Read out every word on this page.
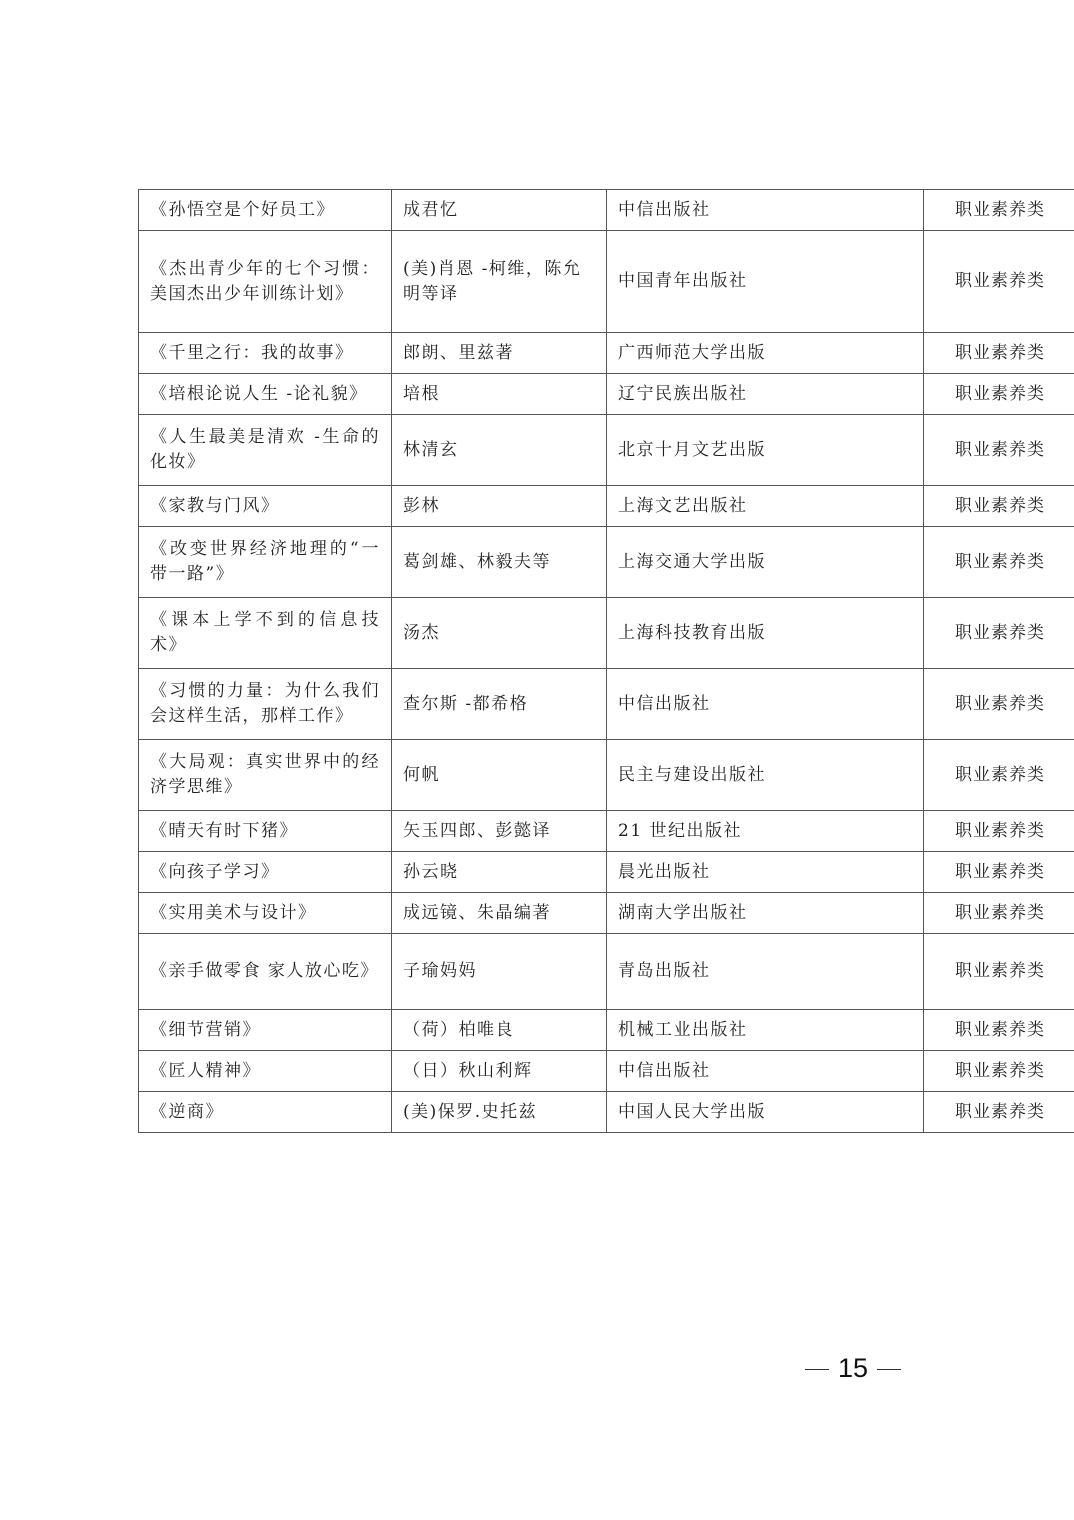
《孙悟空是个好员工》	成君忆	中信出版社	职业素养类
《杰出青少年的七个习惯：美国杰出少年训练计划》	(美)肖恩 -柯维，陈允明等译	中国青年出版社	职业素养类
《千里之行：我的故事》	郎朗、里兹著	广西师范大学出版	职业素养类
《培根论说人生 -论礼貌》	培根	辽宁民族出版社	职业素养类
《人生最美是清欢 -生命的化妆》	林清玄	北京十月文艺出版	职业素养类
《家教与门风》	彭林	上海文艺出版社	职业素养类
《改变世界经济地理的“一带一路”》	葛剑雄、林毅夫等	上海交通大学出版	职业素养类
《课本上学不到的信息技术》	汤杰	上海科技教育出版	职业素养类
《习惯的力量：为什么我们会这样生活，那样工作》	查尔斯 -都希格	中信出版社	职业素养类
《大局观：真实世界中的经济学思维》	何帆	民主与建设出版社	职业素养类
《晴天有时下猪》	矢玉四郎、彭懿译	21 世纪出版社	职业素养类
《向孩子学习》	孙云晓	晨光出版社	职业素养类
《实用美术与设计》	成远镜、朱晶编著	湖南大学出版社	职业素养类
《亲手做零食 家人放心吃》	子瑜妈妈	青岛出版社	职业素养类
《细节营销》	（荷）柏唯良	机械工业出版社	职业素养类
《匠人精神》	（日）秋山利辉	中信出版社	职业素养类
《逆商》	(美)保罗.史托兹	中国人民大学出版	职业素养类
15
